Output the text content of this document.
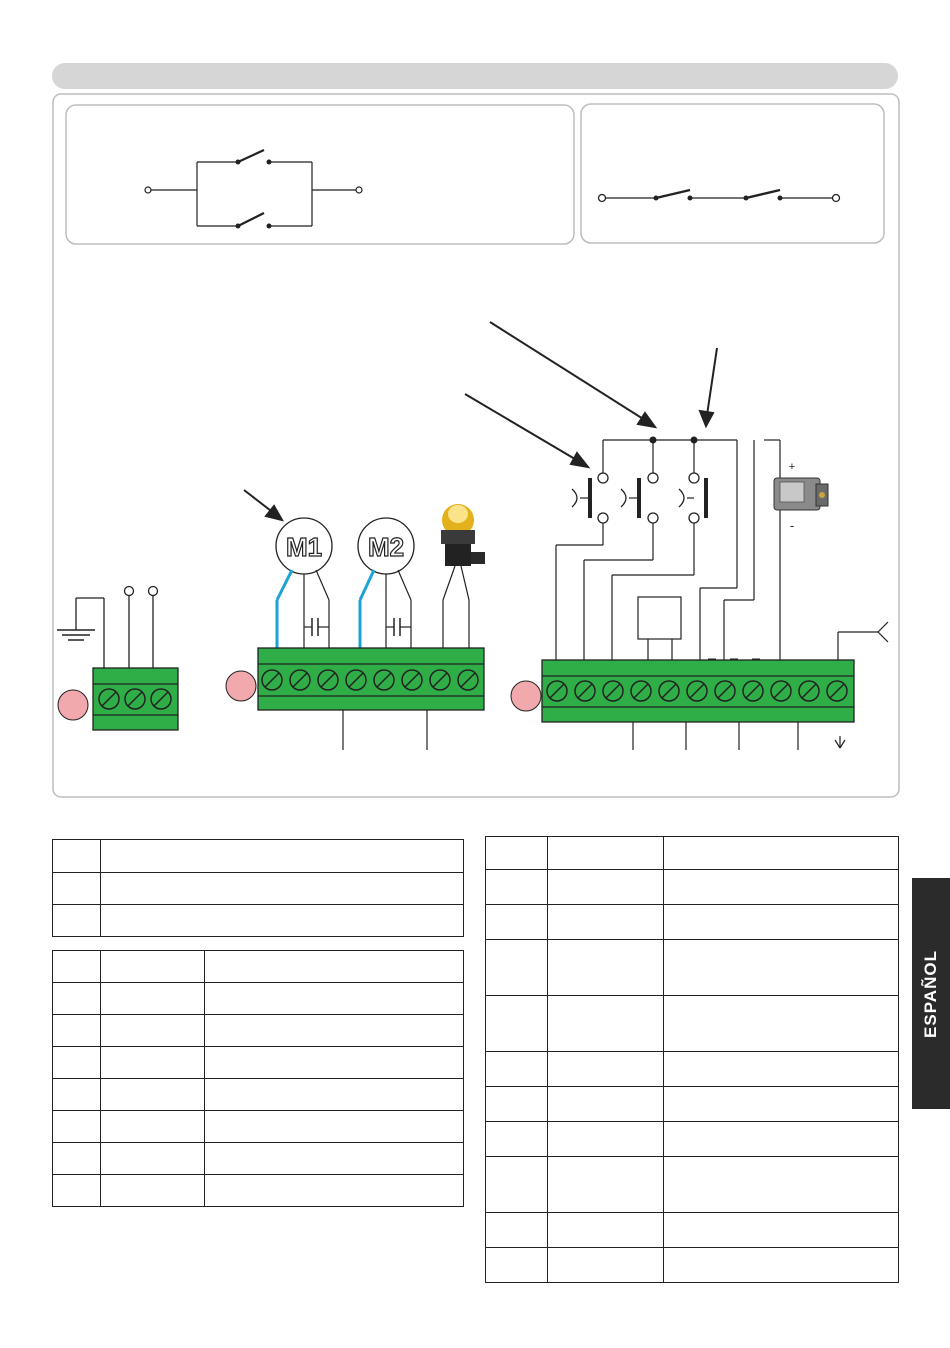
M1 M2
+
-

ESPAÑOL
